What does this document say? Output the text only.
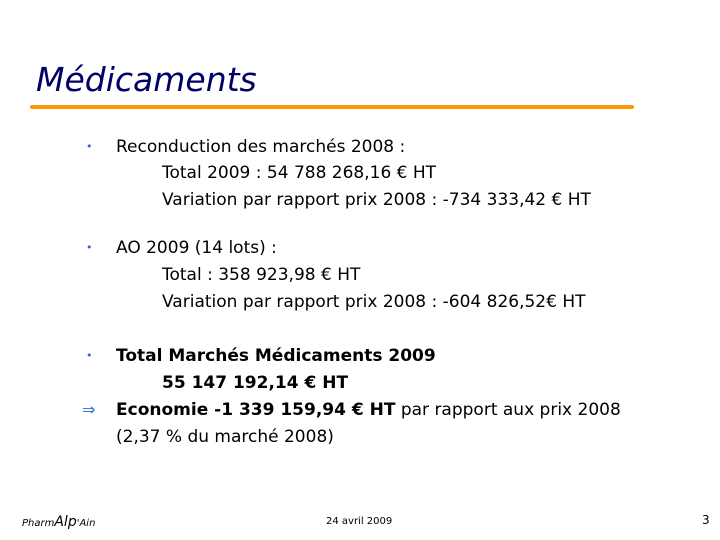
Médicaments
• Reconduction des marchés 2008 :
Total 2009 : 54 788 268,16 € HT
Variation par rapport prix 2008 : -734 333,42 € HT
• AO 2009 (14 lots) :
Total : 358 923,98 € HT
Variation par rapport prix 2008 : -604 826,52€ HT
• Total Marchés Médicaments 2009
55 147 192,14 € HT
⇒ Economie -1 339 159,94 € HT par rapport aux prix 2008
(2,37 % du marché 2008)
PharmAlp'Ain	24 avril 2009	3
